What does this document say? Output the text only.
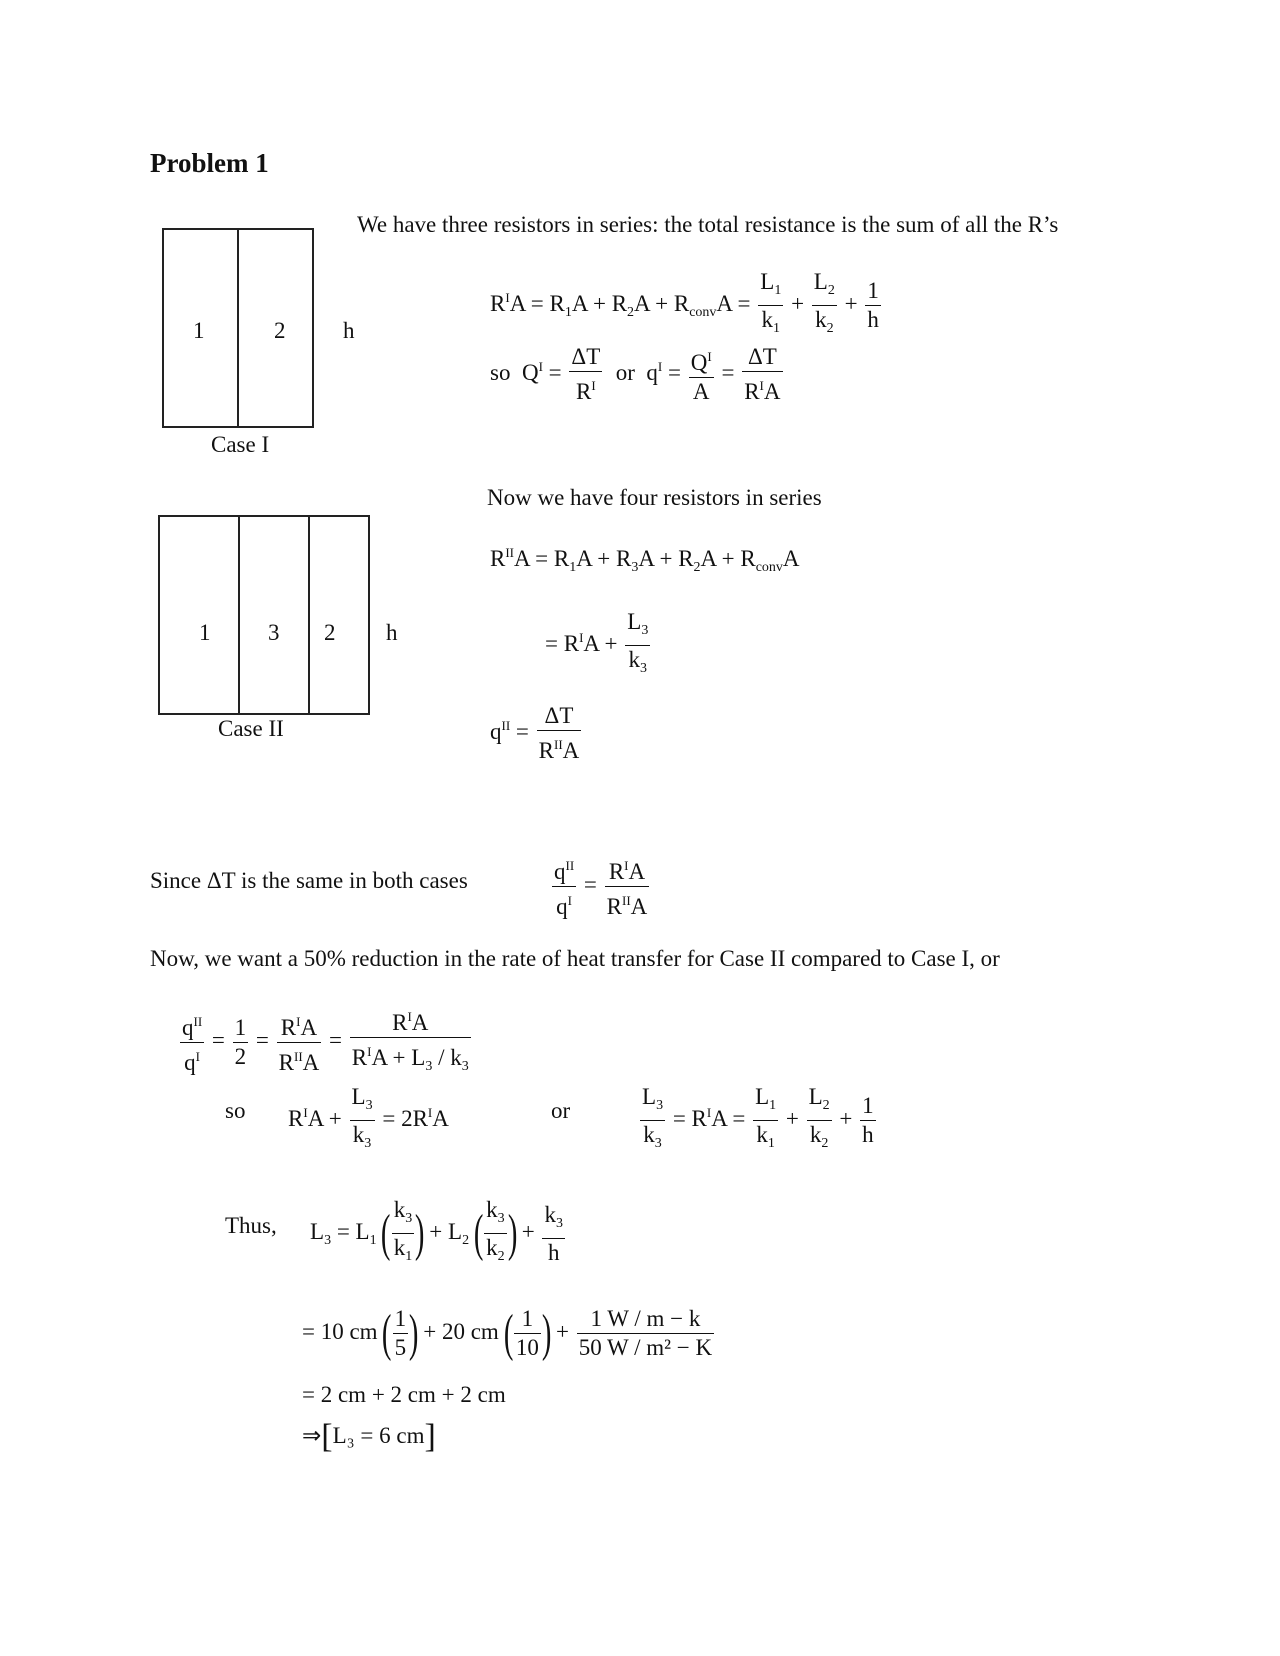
Problem 1
1	2	h
Case I
1	3 2 h
Case II
We have three resistors in series: the total resistance is the sum of all the R’s
$R^IA = R_1A + R_2A + R_{conv}A = \frac{L_1}{k_1} + \frac{L_2}{k_2} + \frac{1}{h}$
so $Q^I = \frac{\Delta T}{R^I}$ or $q^I = \frac{Q^I}{A} = \frac{\Delta T}{R^IA}$
Now we have four resistors in series
$R^{II}A = R_1A + R_3A + R_2A + R_{conv}A$
= $R^IA + \frac{L_3}{k_3}$
$q^{II} = \frac{\Delta T}{R^{II}A}$
Since ΔT is the same in both cases	$\frac{q^{II}}{q^I} = \frac{R^IA}{R^{II}A}$
Now, we want a 50% reduction in the rate of heat transfer for Case II compared to Case I, or
$\frac{q^{II}}{q^I} = \frac{1}{2} = \frac{R^IA}{R^{II}A} = \frac{R^IA}{R^IA + L_3 / k_3}$
so $R^IA + \frac{L_3}{k_3} = 2R^IA$	or	$\frac{L_3}{k_3} = R^IA = \frac{L_1}{k_1} + \frac{L_2}{k_2} + \frac{1}{h}$
Thus, $L_3 = L_1$ ( $\frac{k_3}{k_1}$ ) + $L_2$ ( $\frac{k_3}{k_2}$ ) + $\frac{k_3}{h}$
= 10 cm ( $\frac{1}{5}$ ) + 20 cm ( $\frac{1}{10}$ ) + $\frac{1 W / m - k}{\text{50 W / m² − K}}$
= 2 cm + 2 cm + 2 cm
⇒[L₃ = 6 cm]
